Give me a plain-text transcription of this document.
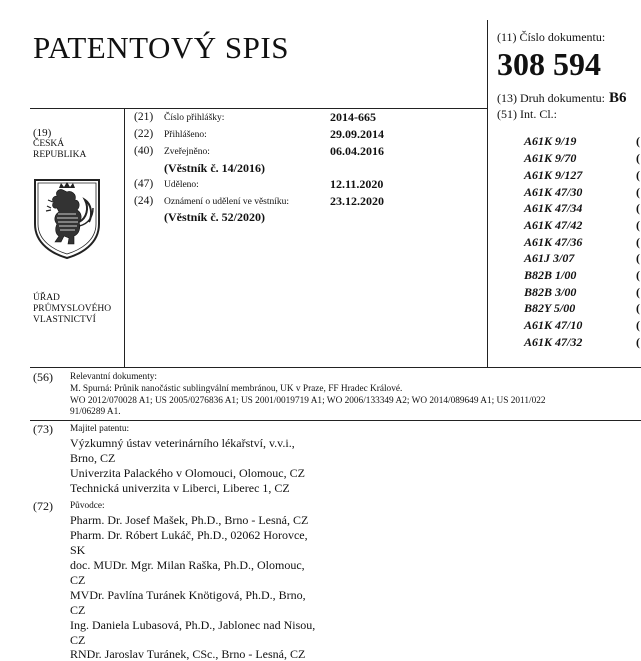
PATENTOVÝ SPIS	(11) Číslo dokumentu:
308 594
(13) Druh dokumentu: B6
(51) Int. Cl.:
(19)
ČESKÁ
REPUBLIKA
ÚŘAD
PRŮMYSLOVÉHO
VLASTNICTVÍ
(21) Číslo přihlášky:	2014-665
(22) Přihlášeno:	29.09.2014
(40) Zveřejněno:	06.04.2016
(Věstník č. 14/2016)
(47) Uděleno:	12.11.2020
(24) Oznámení o udělení ve věstníku:	23.12.2020
(Věstník č. 52/2020)
A61K 9/19	(
A61K 9/70	(
A61K 9/127	(
A61K 47/30	(
A61K 47/34	(
A61K 47/42	(
A61K 47/36	(
A61J 3/07	(
B82B 1/00	(
B82B 3/00	(
B82Y 5/00	(
A61K 47/10	(
A61K 47/32	(
(56) Relevantní dokumenty:
M. Spurná: Průnik nanočástic sublingvální membránou, UK v Praze, FF Hradec Králové.
WO 2012/070028 A1; US 2005/0276836 A1; US 2001/0019719 A1; WO 2006/133349 A2; WO 2014/089649 A1; US 2011/022
91/06289 A1.
(73) Majitel patentu:
Výzkumný ústav veterinárního lékařství, v.v.i.,
Brno, CZ
Univerzita Palackého v Olomouci, Olomouc, CZ
Technická univerzita v Liberci, Liberec 1, CZ
(72) Původce:
Pharm. Dr. Josef Mašek, Ph.D., Brno - Lesná, CZ
Pharm. Dr. Róbert Lukáč, Ph.D., 02062 Horovce,
SK
doc. MUDr. Mgr. Milan Raška, Ph.D., Olomouc,
CZ
MVDr. Pavlína Turánek Knötigová, Ph.D., Brno,
CZ
Ing. Daniela Lubasová, Ph.D., Jablonec nad Nisou,
CZ
RNDr. Jaroslav Turánek, CSc., Brno - Lesná, CZ
